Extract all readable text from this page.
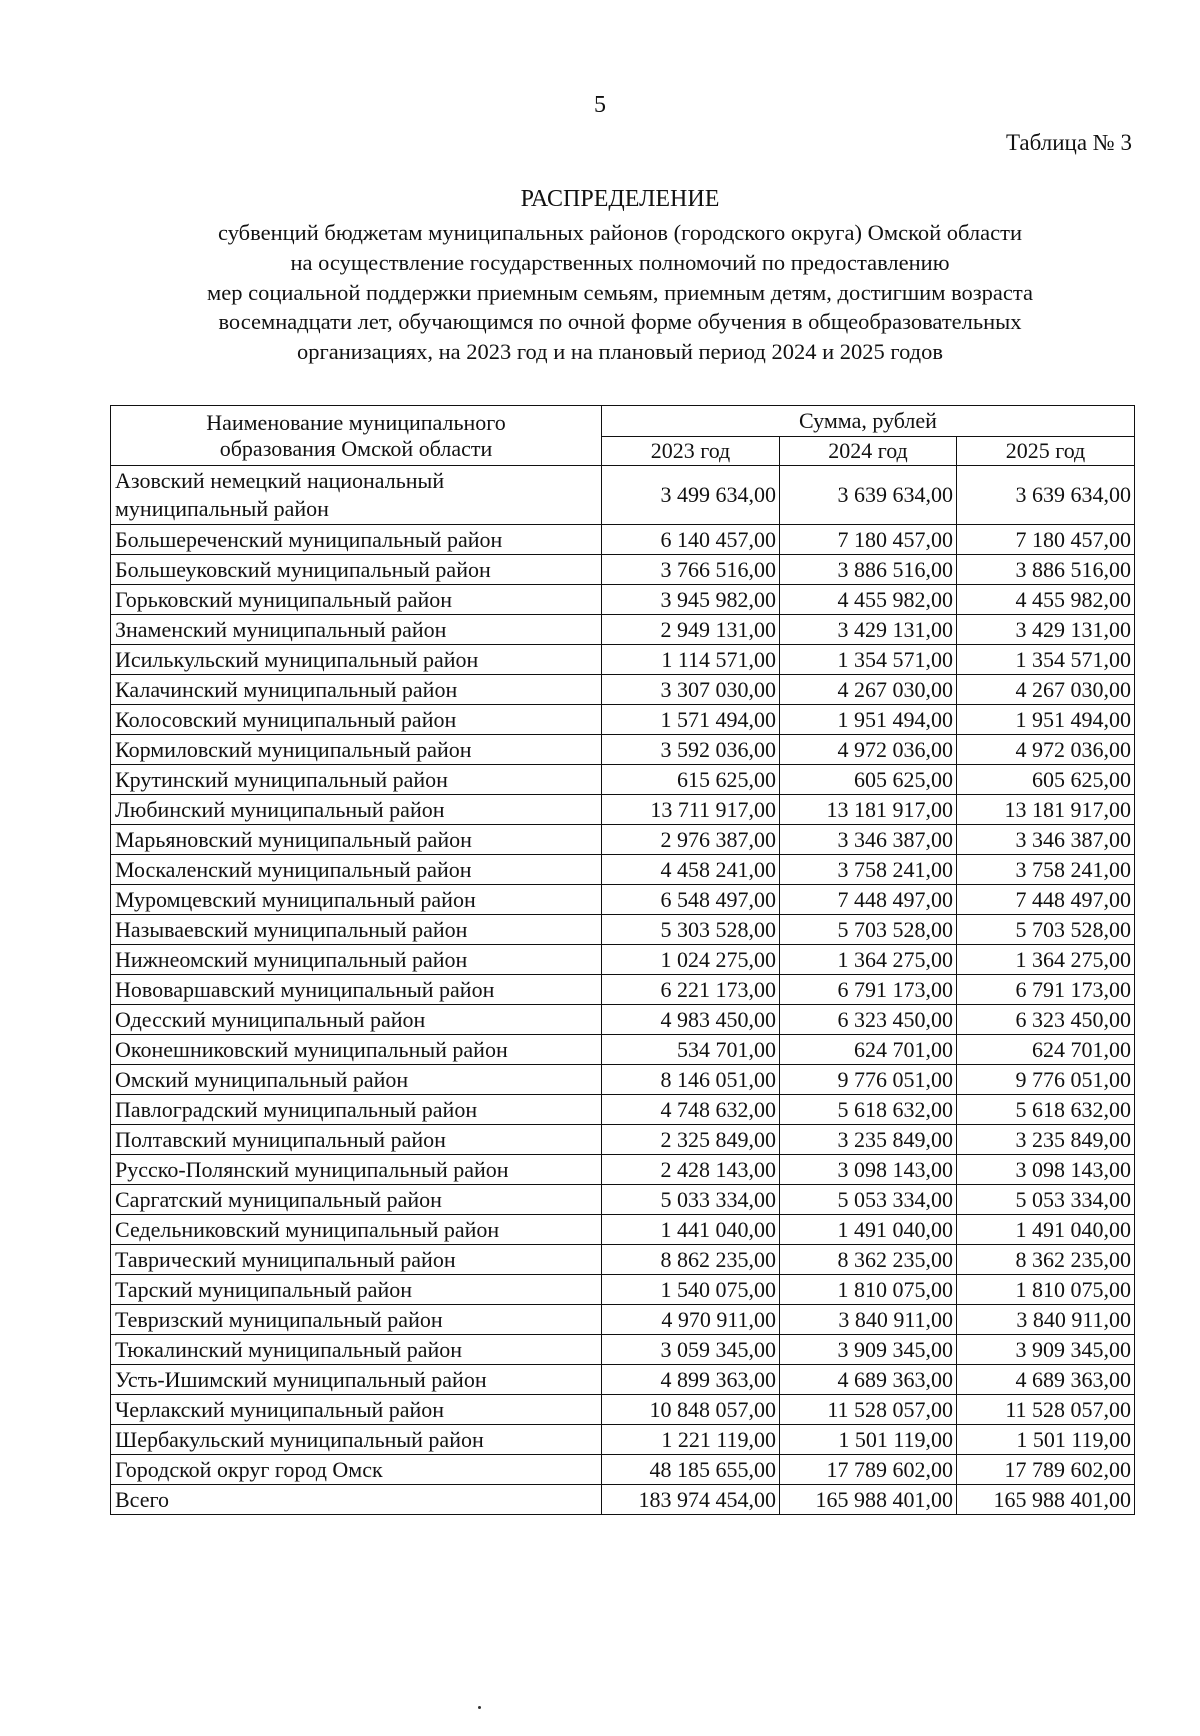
5
Таблица № 3
РАСПРЕДЕЛЕНИЕ
субвенций бюджетам муниципальных районов (городского округа) Омской области
на осуществление государственных полномочий по предоставлению
мер социальной поддержки приемным семьям, приемным детям, достигшим возраста
восемнадцати лет, обучающимся по очной форме обучения в общеобразовательных
организациях, на 2023 год и на плановый период 2024 и 2025 годов
Наименование муниципального
образования Омской области	Сумма, рублей		
	2023 год	2024 год	2025 год
Азовский немецкий национальный муниципальный район	3 499 634,00	3 639 634,00	3 639 634,00
Большереченский муниципальный район	6 140 457,00	7 180 457,00	7 180 457,00
Большеуковский муниципальный район	3 766 516,00	3 886 516,00	3 886 516,00
Горьковский муниципальный район	3 945 982,00	4 455 982,00	4 455 982,00
Знаменский муниципальный район	2 949 131,00	3 429 131,00	3 429 131,00
Исилькульский муниципальный район	1 114 571,00	1 354 571,00	1 354 571,00
Калачинский муниципальный район	3 307 030,00	4 267 030,00	4 267 030,00
Колосовский муниципальный район	1 571 494,00	1 951 494,00	1 951 494,00
Кормиловский муниципальный район	3 592 036,00	4 972 036,00	4 972 036,00
Крутинский муниципальный район	615 625,00	605 625,00	605 625,00
Любинский муниципальный район	13 711 917,00	13 181 917,00	13 181 917,00
Марьяновский муниципальный район	2 976 387,00	3 346 387,00	3 346 387,00
Москаленский муниципальный район	4 458 241,00	3 758 241,00	3 758 241,00
Муромцевский муниципальный район	6 548 497,00	7 448 497,00	7 448 497,00
Называевский муниципальный район	5 303 528,00	5 703 528,00	5 703 528,00
Нижнеомский муниципальный район	1 024 275,00	1 364 275,00	1 364 275,00
Нововаршавский муниципальный район	6 221 173,00	6 791 173,00	6 791 173,00
Одесский муниципальный район	4 983 450,00	6 323 450,00	6 323 450,00
Оконешниковский муниципальный район	534 701,00	624 701,00	624 701,00
Омский муниципальный район	8 146 051,00	9 776 051,00	9 776 051,00
Павлоградский муниципальный район	4 748 632,00	5 618 632,00	5 618 632,00
Полтавский муниципальный район	2 325 849,00	3 235 849,00	3 235 849,00
Русско-Полянский муниципальный район	2 428 143,00	3 098 143,00	3 098 143,00
Саргатский муниципальный район	5 033 334,00	5 053 334,00	5 053 334,00
Седельниковский муниципальный район	1 441 040,00	1 491 040,00	1 491 040,00
Таврический муниципальный район	8 862 235,00	8 362 235,00	8 362 235,00
Тарский муниципальный район	1 540 075,00	1 810 075,00	1 810 075,00
Тевризский муниципальный район	4 970 911,00	3 840 911,00	3 840 911,00
Тюкалинский муниципальный район	3 059 345,00	3 909 345,00	3 909 345,00
Усть-Ишимский муниципальный район	4 899 363,00	4 689 363,00	4 689 363,00
Черлакский муниципальный район	10 848 057,00	11 528 057,00	11 528 057,00
Шербакульский муниципальный район	1 221 119,00	1 501 119,00	1 501 119,00
Городской округ город Омск	48 185 655,00	17 789 602,00	17 789 602,00
Всего	183 974 454,00	165 988 401,00	165 988 401,00
